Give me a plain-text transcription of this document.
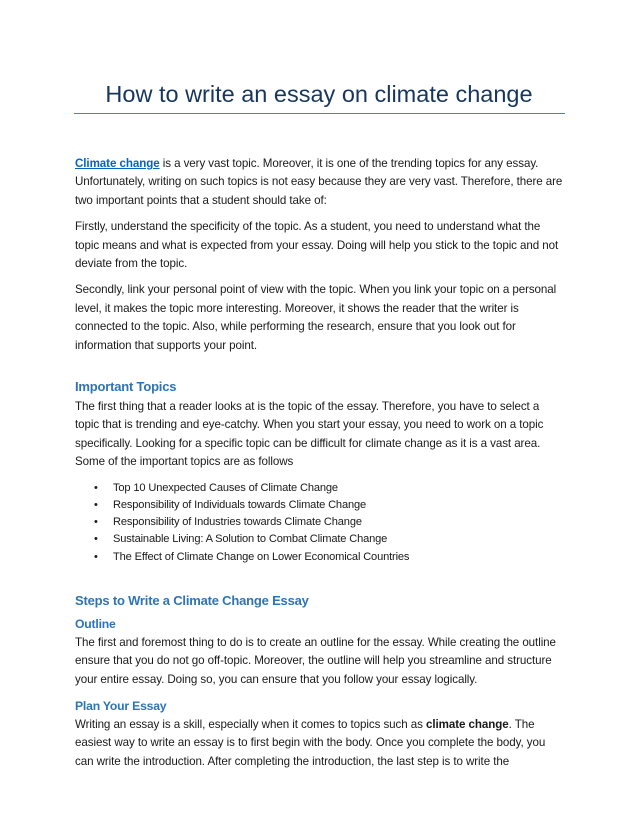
How to write an essay on climate change

Climate change is a very vast topic. Moreover, it is one of the trending topics for any essay. Unfortunately, writing on such topics is not easy because they are very vast. Therefore, there are two important points that a student should take of:

Firstly, understand the specificity of the topic. As a student, you need to understand what the topic means and what is expected from your essay. Doing will help you stick to the topic and not deviate from the topic.

Secondly, link your personal point of view with the topic. When you link your topic on a personal level, it makes the topic more interesting. Moreover, it shows the reader that the writer is connected to the topic. Also, while performing the research, ensure that you look out for information that supports your point.

Important Topics

The first thing that a reader looks at is the topic of the essay. Therefore, you have to select a topic that is trending and eye-catchy. When you start your essay, you need to work on a topic specifically. Looking for a specific topic can be difficult for climate change as it is a vast area. Some of the important topics are as follows

• Top 10 Unexpected Causes of Climate Change
• Responsibility of Individuals towards Climate Change
• Responsibility of Industries towards Climate Change
• Sustainable Living: A Solution to Combat Climate Change
• The Effect of Climate Change on Lower Economical Countries
Steps to Write a Climate Change Essay
Outline

The first and foremost thing to do is to create an outline for the essay. While creating the outline ensure that you do not go off-topic. Moreover, the outline will help you streamline and structure your entire essay. Doing so, you can ensure that you follow your essay logically.

Plan Your Essay

Writing an essay is a skill, especially when it comes to topics such as climate change. The easiest way to write an essay is to first begin with the body. Once you complete the body, you can write the introduction. After completing the introduction, the last step is to write the
